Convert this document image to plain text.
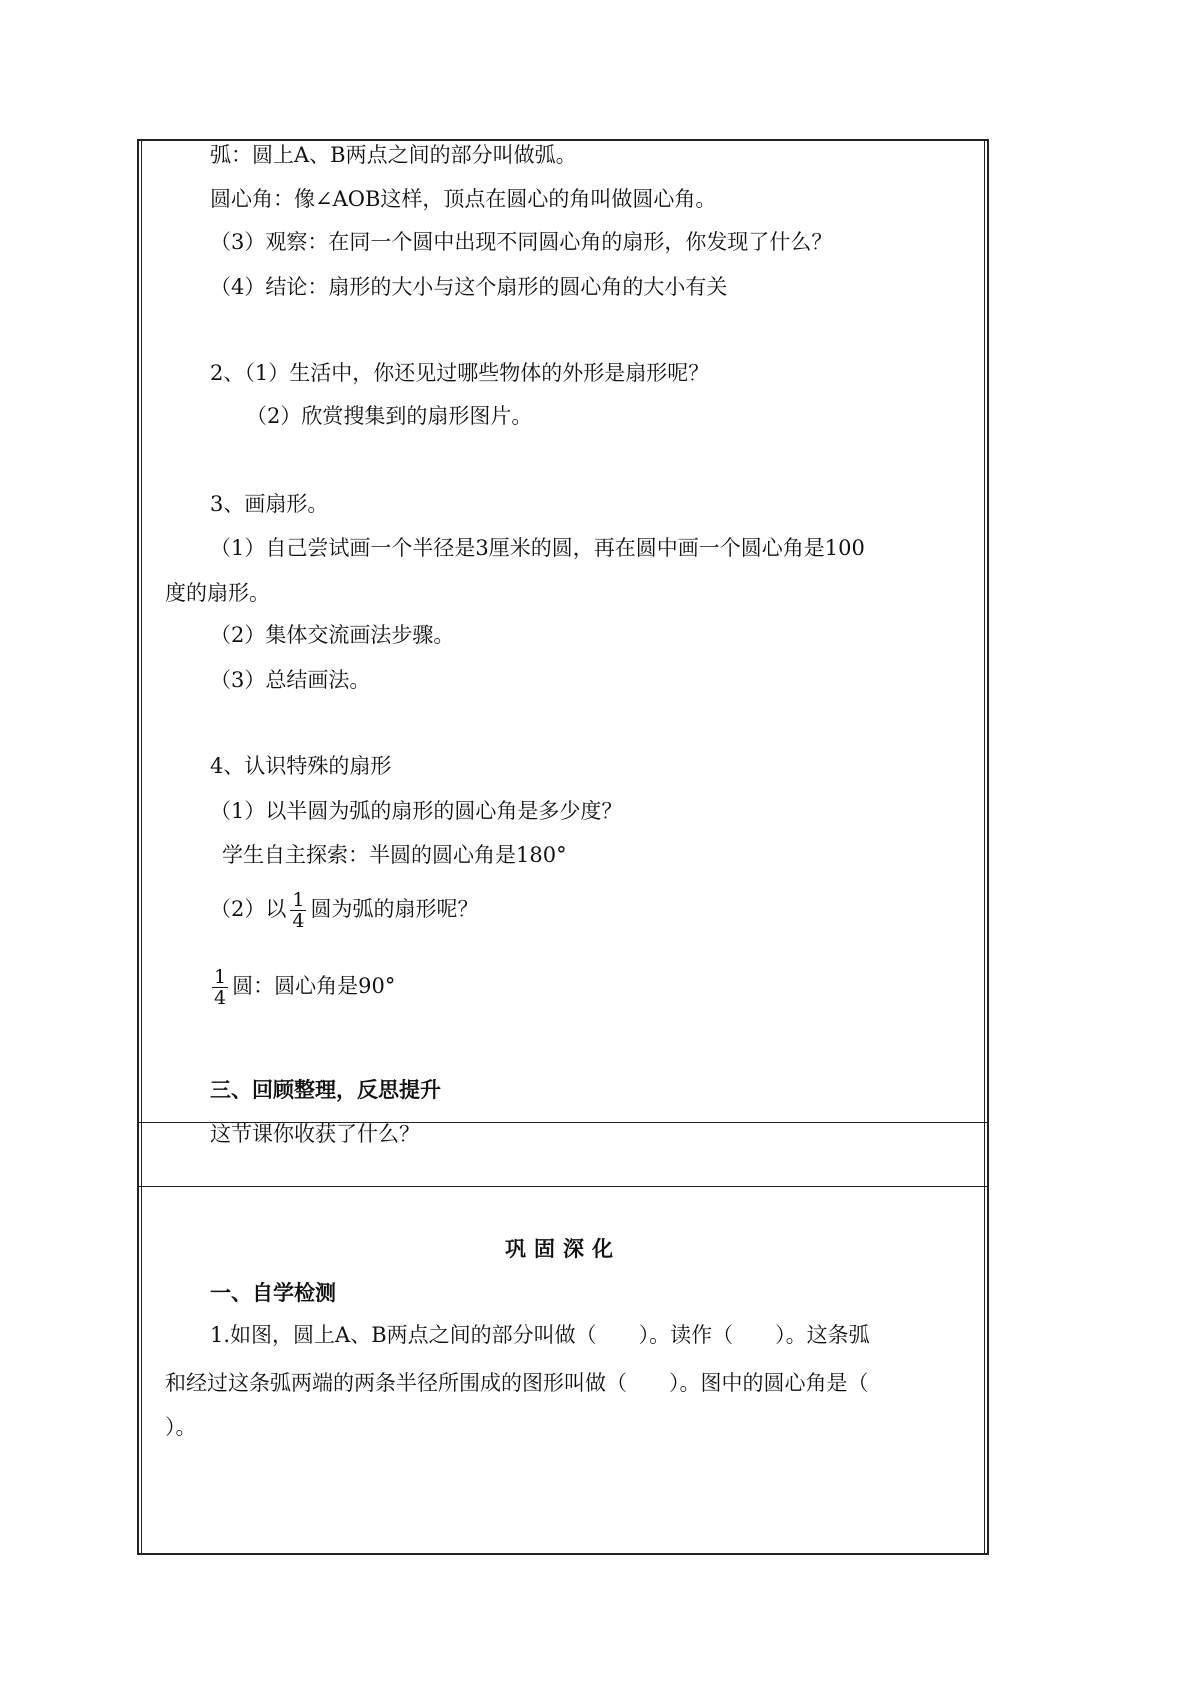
弧：圆上A、B两点之间的部分叫做弧。
圆心角：像∠AOB这样，顶点在圆心的角叫做圆心角。
（3）观察：在同一个圆中出现不同圆心角的扇形，你发现了什么？
（4）结论：扇形的大小与这个扇形的圆心角的大小有关
2、（1）生活中，你还见过哪些物体的外形是扇形呢？
（2）欣赏搜集到的扇形图片。
3、画扇形。
（1）自己尝试画一个半径是3厘米的圆，再在圆中画一个圆心角是100
度的扇形。
（2）集体交流画法步骤。
（3）总结画法。
4、认识特殊的扇形
（1）以半圆为弧的扇形的圆心角是多少度？
学生自主探索：半圆的圆心角是180°
（2）以 $\frac{1}{4}$ 圆为弧的扇形呢？
$\frac{1}{4}$ 圆：圆心角是90°
三、回顾整理，反思提升
这节课你收获了什么？
巩固深化
一、自学检测
1.如图，圆上A、B两点之间的部分叫做（　　）。读作（　　）。这条弧
和经过这条弧两端的两条半径所围成的图形叫做（　　）。图中的圆心角是（
）。
